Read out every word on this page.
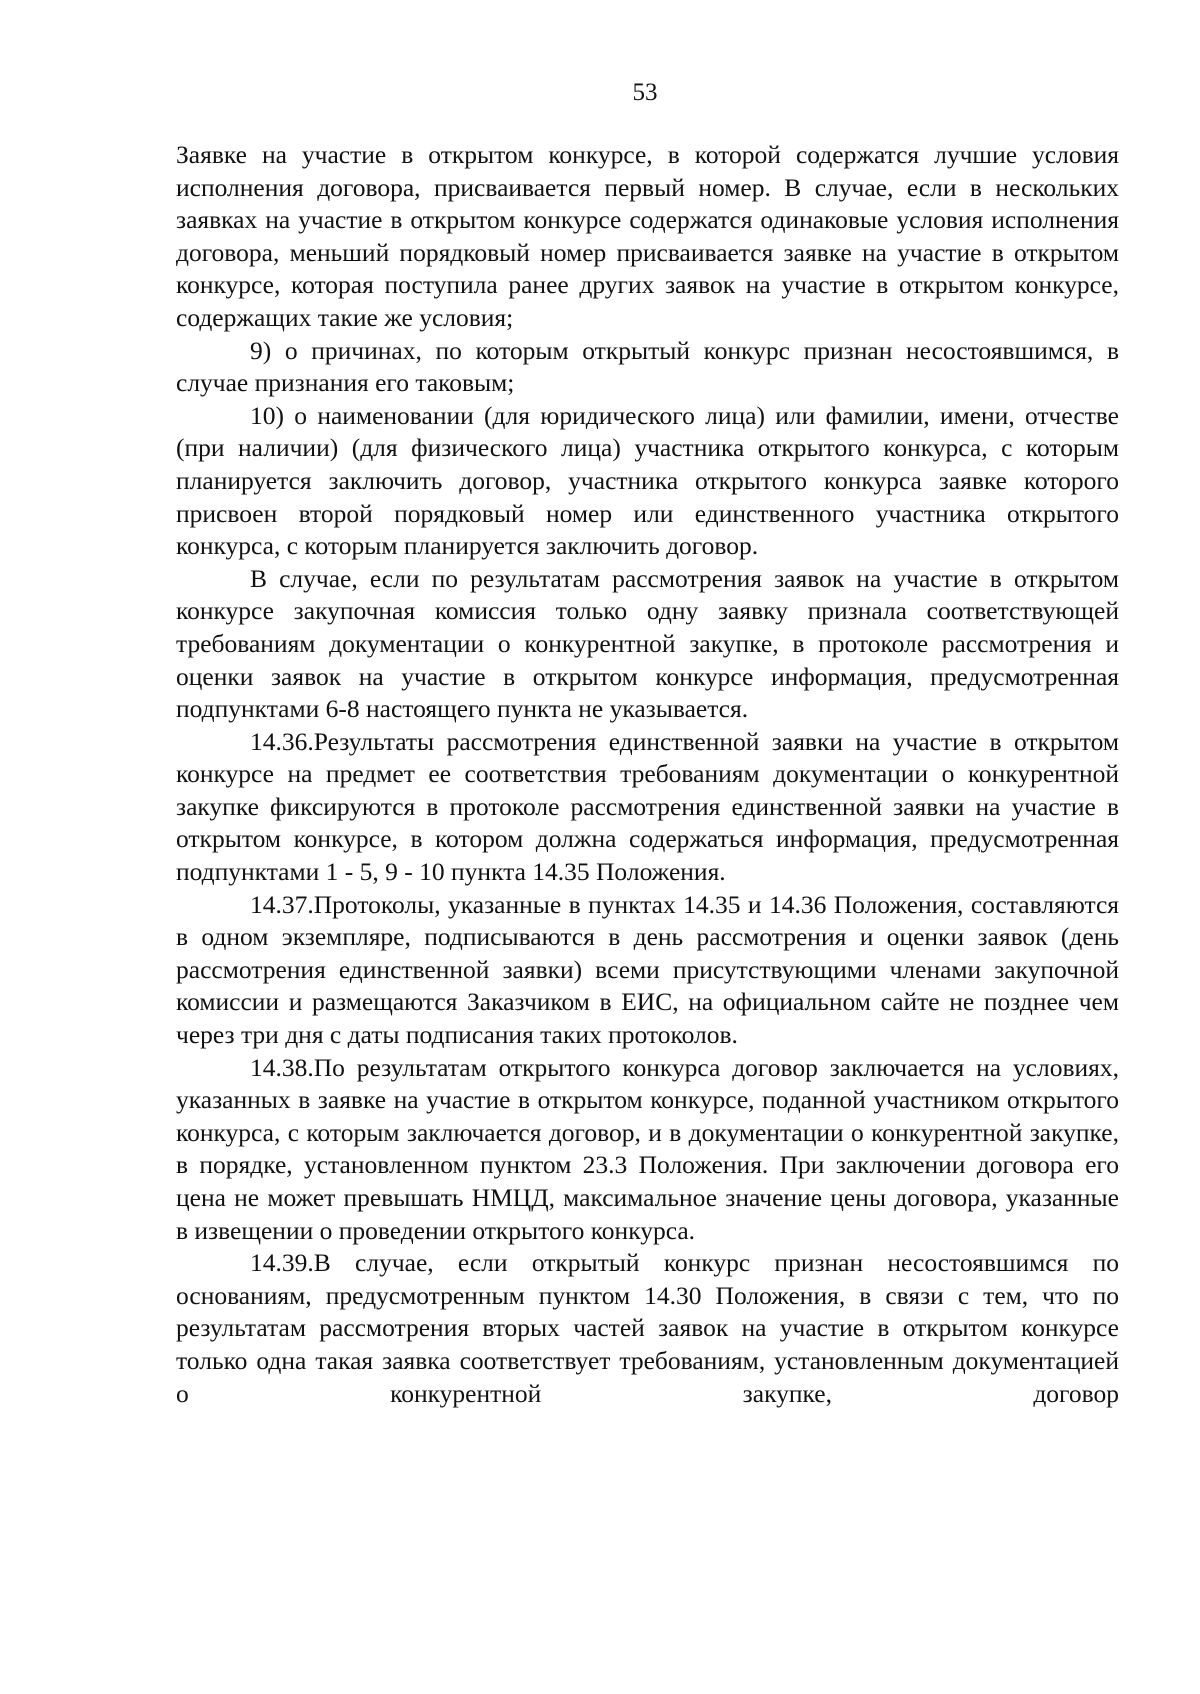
53

Заявке на участие в открытом конкурсе, в которой содержатся лучшие условия исполнения договора, присваивается первый номер. В случае, если в нескольких заявках на участие в открытом конкурсе содержатся одинаковые условия исполнения договора, меньший порядковый номер присваивается заявке на участие в открытом конкурсе, которая поступила ранее других заявок на участие в открытом конкурсе, содержащих такие же условия;

9) о причинах, по которым открытый конкурс признан несостоявшимся, в случае признания его таковым;

10) о наименовании (для юридического лица) или фамилии, имени, отчестве (при наличии) (для физического лица) участника открытого конкурса, с которым планируется заключить договор, участника открытого конкурса заявке которого присвоен второй порядковый номер или единственного участника открытого конкурса, с которым планируется заключить договор.

В случае, если по результатам рассмотрения заявок на участие в открытом конкурсе закупочная комиссия только одну заявку признала соответствующей требованиям документации о конкурентной закупке, в протоколе рассмотрения и оценки заявок на участие в открытом конкурсе информация, предусмотренная подпунктами 6-8 настоящего пункта не указывается.

14.36.Результаты рассмотрения единственной заявки на участие в открытом конкурсе на предмет ее соответствия требованиям документации о конкурентной закупке фиксируются в протоколе рассмотрения единственной заявки на участие в открытом конкурсе, в котором должна содержаться информация, предусмотренная подпунктами 1 - 5, 9 - 10 пункта 14.35 Положения.

14.37.Протоколы, указанные в пунктах 14.35 и 14.36 Положения, составляются в одном экземпляре, подписываются в день рассмотрения и оценки заявок (день рассмотрения единственной заявки) всеми присутствующими членами закупочной комиссии и размещаются Заказчиком в ЕИС, на официальном сайте не позднее чем через три дня с даты подписания таких протоколов.

14.38.По результатам открытого конкурса договор заключается на условиях, указанных в заявке на участие в открытом конкурсе, поданной участником открытого конкурса, с которым заключается договор, и в документации о конкурентной закупке, в порядке, установленном пунктом 23.3 Положения. При заключении договора его цена не может превышать НМЦД, максимальное значение цены договора, указанные в извещении о проведении открытого конкурса.

14.39.В случае, если открытый конкурс признан несостоявшимся по основаниям, предусмотренным пунктом 14.30 Положения, в связи с тем, что по результатам рассмотрения вторых частей заявок на участие в открытом конкурсе только одна такая заявка соответствует требованиям, установленным документацией о конкурентной закупке, договор
